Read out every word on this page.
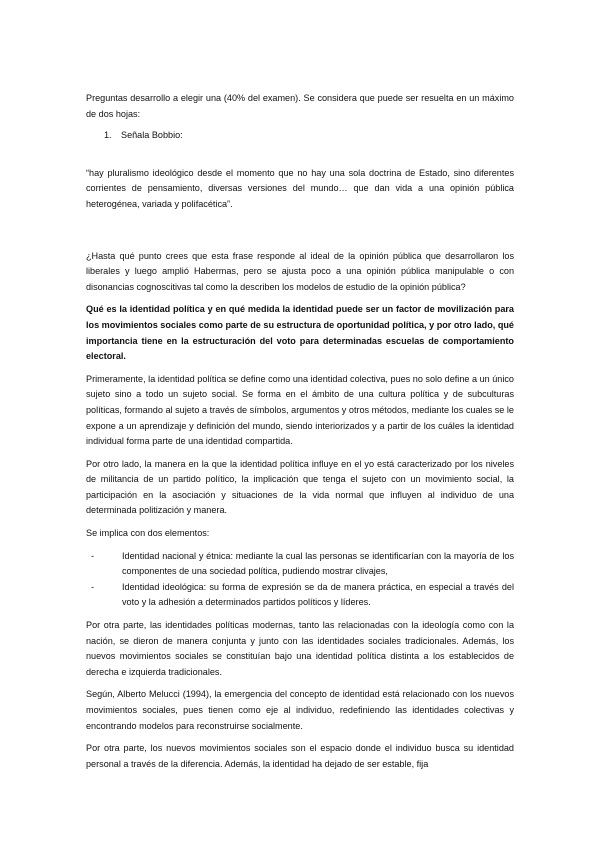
Preguntas desarrollo a elegir una (40% del examen). Se considera que puede ser resuelta en un máximo de dos hojas:

1.	Señala Bobbio:

“hay pluralismo ideológico desde el momento que no hay una sola doctrina de Estado, sino diferentes corrientes de pensamiento, diversas versiones del mundo… que dan vida a una opinión pública heterogénea, variada y polifacética”.

¿Hasta qué punto crees que esta frase responde al ideal de la opinión pública que desarrollaron los liberales y luego amplió Habermas, pero se ajusta poco a una opinión pública manipulable o con disonancias cognoscitivas tal como la describen los modelos de estudio de la opinión pública?

Qué es la identidad política y en qué medida la identidad puede ser un factor de movilización para los movimientos sociales como parte de su estructura de oportunidad política, y por otro lado, qué importancia tiene en la estructuración del voto para determinadas escuelas de comportamiento electoral.

Primeramente, la identidad política se define como una identidad colectiva, pues no solo define a un único sujeto sino a todo un sujeto social. Se forma en el ámbito de una cultura política y de subculturas políticas, formando al sujeto a través de símbolos, argumentos y otros métodos, mediante los cuales se le expone a un aprendizaje y definición del mundo, siendo interiorizados y a partir de los cuáles la identidad individual forma parte de una identidad compartida.

Por otro lado, la manera en la que la identidad política influye en el yo está caracterizado por los niveles de militancia de un partido político, la implicación que tenga el sujeto con un movimiento social, la participación en la asociación y situaciones de la vida normal que influyen al individuo de una determinada politización y manera.

Se implica con dos elementos:

-	Identidad nacional y étnica: mediante la cual las personas se identificarían con la mayoría de los componentes de una sociedad política, pudiendo mostrar clivajes,
-	Identidad ideológica: su forma de expresión se da de manera práctica, en especial a través del voto y la adhesión a determinados partidos políticos y líderes.

Por otra parte, las identidades políticas modernas, tanto las relacionadas con la ideología como con la nación, se dieron de manera conjunta y junto con las identidades sociales tradicionales. Además, los nuevos movimientos sociales se constituían bajo una identidad política distinta a los establecidos de derecha e izquierda tradicionales.

Según, Alberto Melucci (1994), la emergencia del concepto de identidad está relacionado con los nuevos movimientos sociales, pues tienen como eje al individuo, redefiniendo las identidades colectivas y encontrando modelos para reconstruirse socialmente.

Por otra parte, los nuevos movimientos sociales son el espacio donde el individuo busca su identidad personal a través de la diferencia. Además, la identidad ha dejado de ser estable, fija
